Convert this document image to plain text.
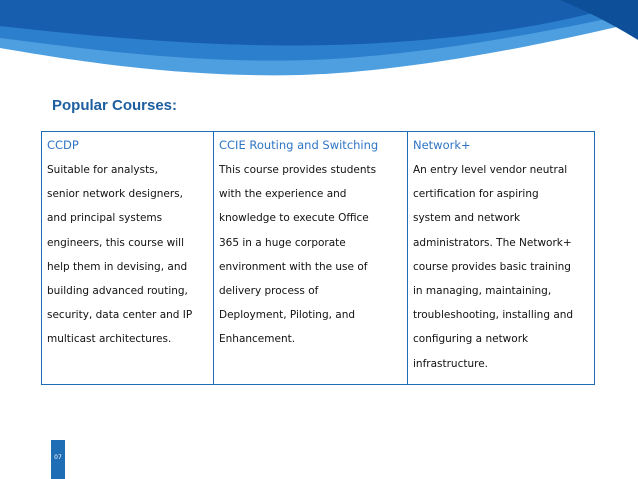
Popular Courses:
CCDP
Suitable for analysts,
senior network designers,
and principal systems
engineers, this course will
help them in devising, and
building advanced routing,
security, data center and IP
multicast architectures.
CCIE Routing and Switching
This course provides students
with the experience and
knowledge to execute Office
365 in a huge corporate
environment with the use of
delivery process of
Deployment, Piloting, and
Enhancement.
Network+
An entry level vendor neutral
certification for aspiring
system and network
administrators. The Network+
course provides basic training
in managing, maintaining,
troubleshooting, installing and
configuring a network
infrastructure.
07
